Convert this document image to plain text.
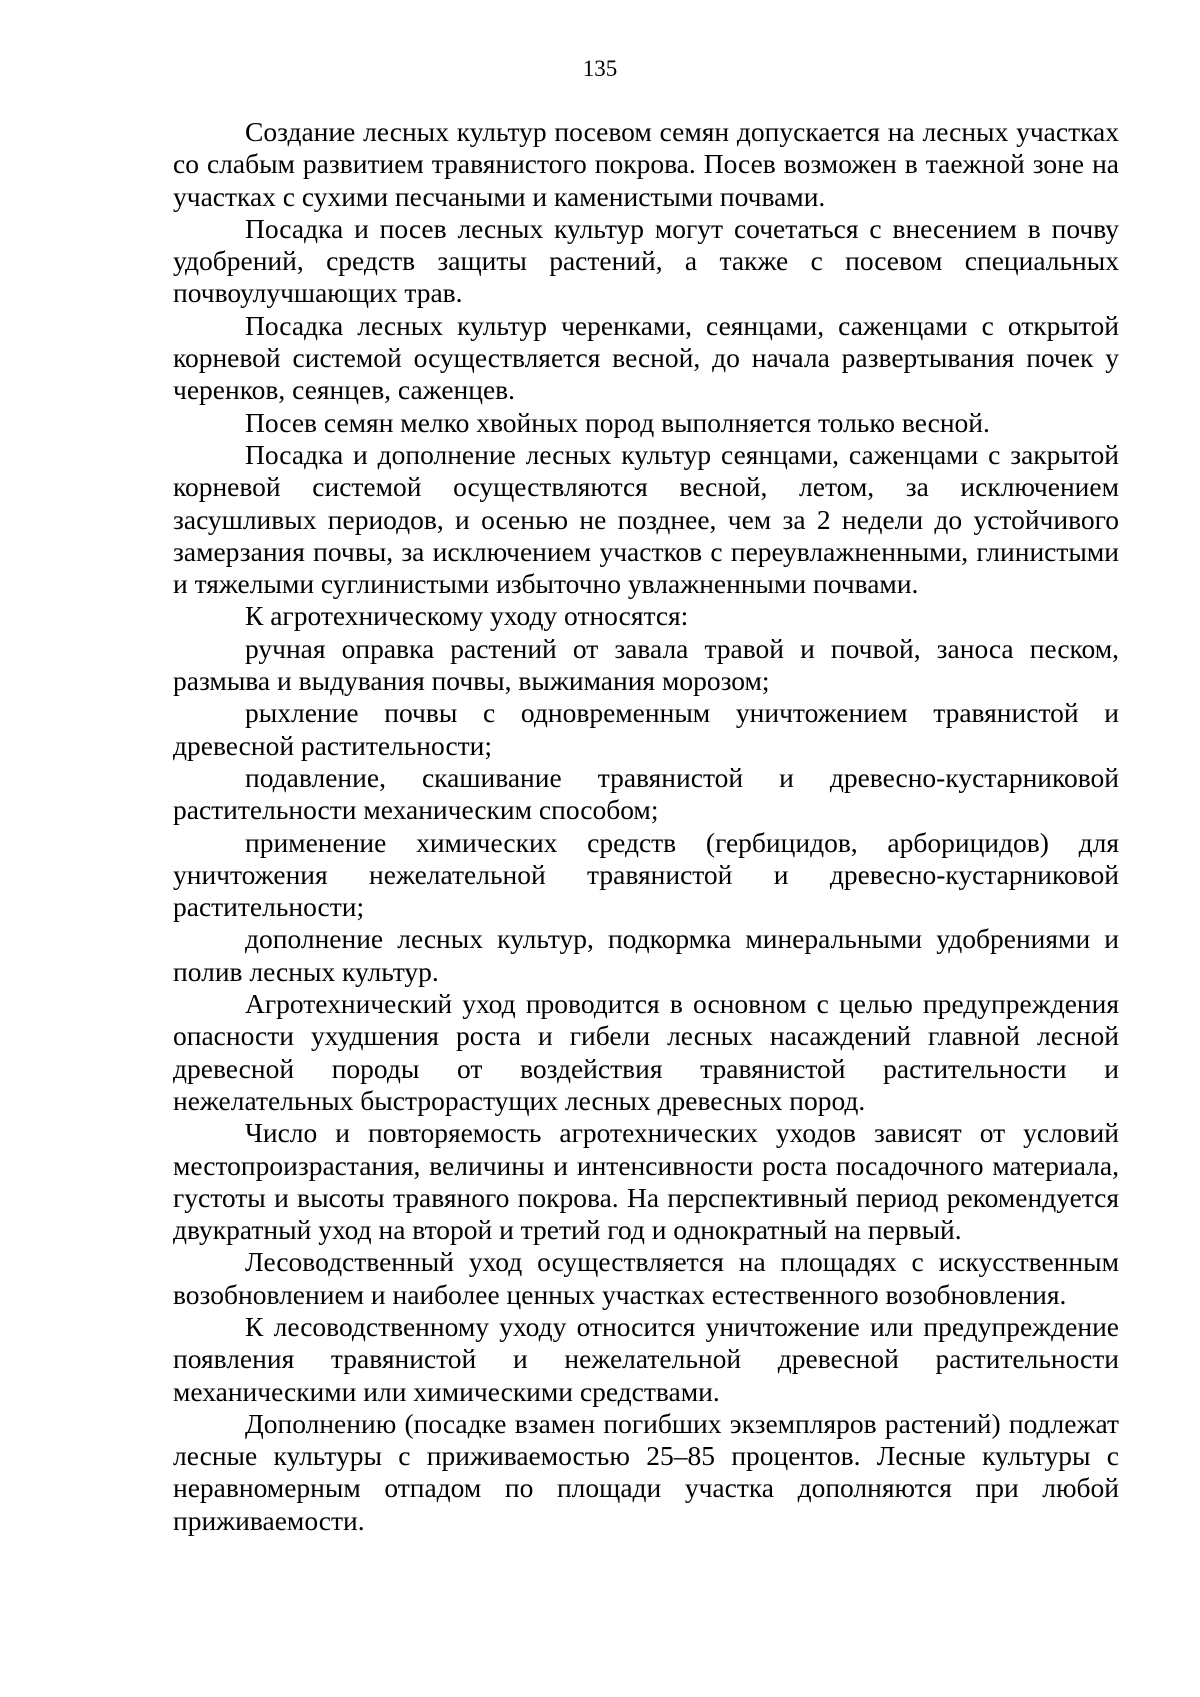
135

Создание лесных культур посевом семян допускается на лесных участках со слабым развитием травянистого покрова. Посев возможен в таежной зоне на участках с сухими песчаными и каменистыми почвами.

Посадка и посев лесных культур могут сочетаться с внесением в почву удобрений, средств защиты растений, а также с посевом специальных почвоулучшающих трав.

Посадка лесных культур черенками, сеянцами, саженцами с открытой корневой системой осуществляется весной, до начала развертывания почек у черенков, сеянцев, саженцев.

Посев семян мелко хвойных пород выполняется только весной.

Посадка и дополнение лесных культур сеянцами, саженцами с закрытой корневой системой осуществляются весной, летом, за исключением засушливых периодов, и осенью не позднее, чем за 2 недели до устойчивого замерзания почвы, за исключением участков с переувлажненными, глинистыми и тяжелыми суглинистыми избыточно увлажненными почвами.

К агротехническому уходу относятся:

ручная оправка растений от завала травой и почвой, заноса песком, размыва и выдувания почвы, выжимания морозом;

рыхление почвы с одновременным уничтожением травянистой и древесной растительности;

подавление, скашивание травянистой и древесно-кустарниковой растительности механическим способом;

применение химических средств (гербицидов, арборицидов) для уничтожения нежелательной травянистой и древесно-кустарниковой растительности;

дополнение лесных культур, подкормка минеральными удобрениями и полив лесных культур.

Агротехнический уход проводится в основном с целью предупреждения опасности ухудшения роста и гибели лесных насаждений главной лесной древесной породы от воздействия травянистой растительности и нежелательных быстрорастущих лесных древесных пород.

Число и повторяемость агротехнических уходов зависят от условий местопроизрастания, величины и интенсивности роста посадочного материала, густоты и высоты травяного покрова. На перспективный период рекомендуется двукратный уход на второй и третий год и однократный на первый.

Лесоводственный уход осуществляется на площадях с искусственным возобновлением и наиболее ценных участках естественного возобновления.

К лесоводственному уходу относится уничтожение или предупреждение появления травянистой и нежелательной древесной растительности механическими или химическими средствами.

Дополнению (посадке взамен погибших экземпляров растений) подлежат лесные культуры с приживаемостью 25–85 процентов. Лесные культуры с неравномерным отпадом по площади участка дополняются при любой приживаемости.
